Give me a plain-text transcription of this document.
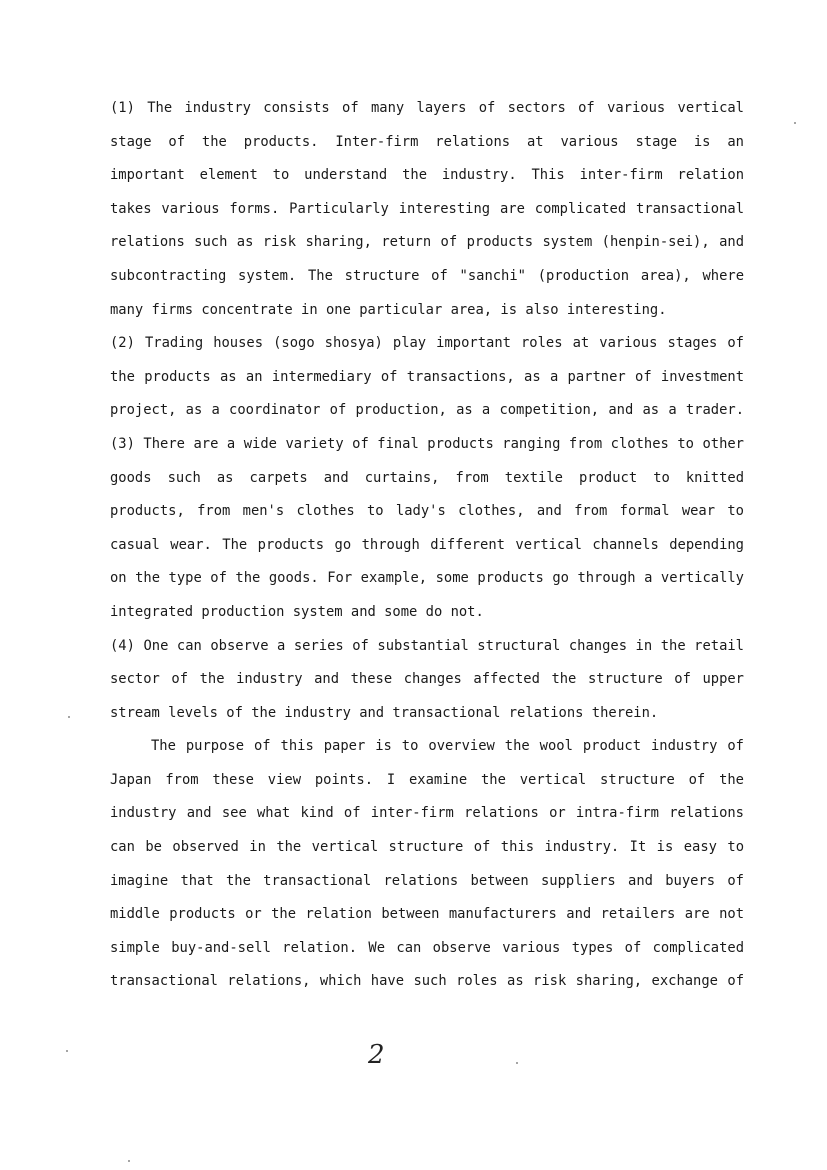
(1) The industry consists of many layers of sectors of various vertical
stage of the products. Inter-firm relations at various stage is an
important element to understand the industry. This inter-firm relation
takes various forms. Particularly interesting are complicated transactional
relations such as risk sharing, return of products system (henpin-sei), and
subcontracting system. The structure of "sanchi" (production area), where
many firms concentrate in one particular area, is also interesting.
(2) Trading houses (sogo shosya) play important roles at various stages of
the products as an intermediary of transactions, as a partner of investment
project, as a coordinator of production, as a competition, and as a trader.
(3) There are a wide variety of final products ranging from clothes to other
goods such as carpets and curtains, from textile product to knitted
products, from men's clothes to lady's clothes, and from formal wear to
casual wear. The products go through different vertical channels depending
on the type of the goods. For example, some products go through a vertically
integrated production system and some do not.
(4) One can observe a series of substantial structural changes in the retail
sector of the industry and these changes affected the structure of upper
stream levels of the industry and transactional relations therein.
The purpose of this paper is to overview the wool product industry of
Japan from these view points. I examine the vertical structure of the
industry and see what kind of inter-firm relations or intra-firm relations
can be observed in the vertical structure of this industry. It is easy to
imagine that the transactional relations between suppliers and buyers of
middle products or the relation between manufacturers and retailers are not
simple buy-and-sell relation. We can observe various types of complicated
transactional relations, which have such roles as risk sharing, exchange of
2
